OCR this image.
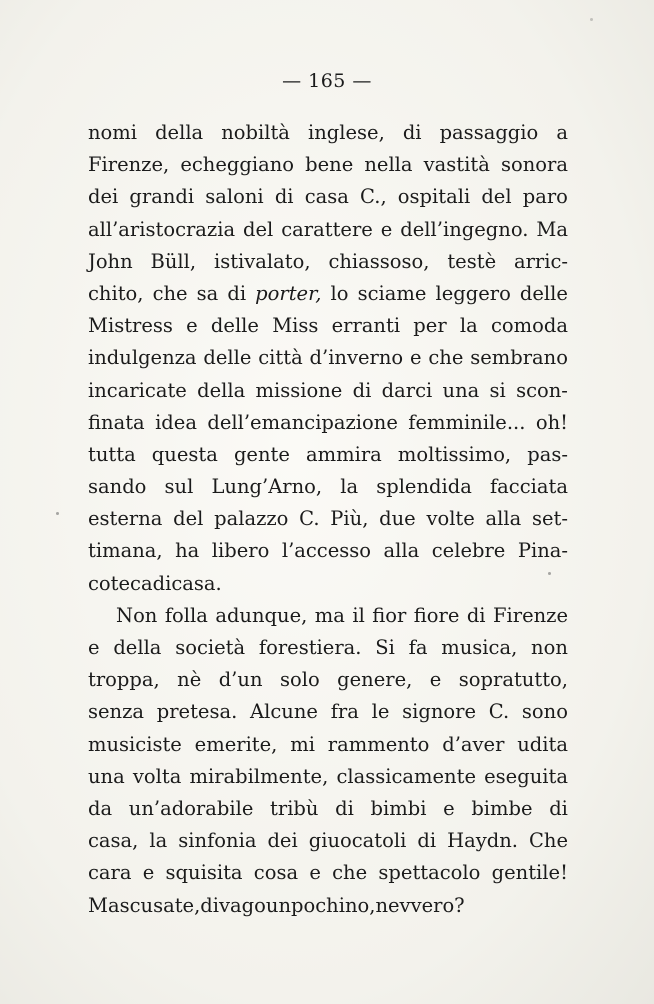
— 165 —
nomi della nobiltà inglese, di passaggio a
Firenze, echeggiano bene nella vastità sonora
dei grandi saloni di casa C., ospitali del paro
all’aristocrazia del carattere e dell’ingegno. Ma
John Büll, istivalato, chiassoso, testè arric-
chito, che sa di porter, lo sciame leggero delle
Mistress e delle Miss erranti per la comoda
indulgenza delle città d’inverno e che sembrano
incaricate della missione di darci una si scon-
finata idea dell’emancipazione femminile... oh!
tutta questa gente ammira moltissimo, pas-
sando sul Lung’Arno, la splendida facciata
esterna del palazzo C. Più, due volte alla set-
timana, ha libero l’accesso alla celebre Pina-
coteca di casa.
Non folla adunque, ma il fior fiore di Firenze
e della società forestiera. Si fa musica, non
troppa, nè d’un solo genere, e sopratutto,
senza pretesa. Alcune fra le signore C. sono
musiciste emerite, mi rammento d’aver udita
una volta mirabilmente, classicamente eseguita
da un’adorabile tribù di bimbi e bimbe di
casa, la sinfonia dei giuocatoli di Haydn. Che
cara e squisita cosa e che spettacolo gentile!
Ma scusate, divago un pochino, nevvero?
